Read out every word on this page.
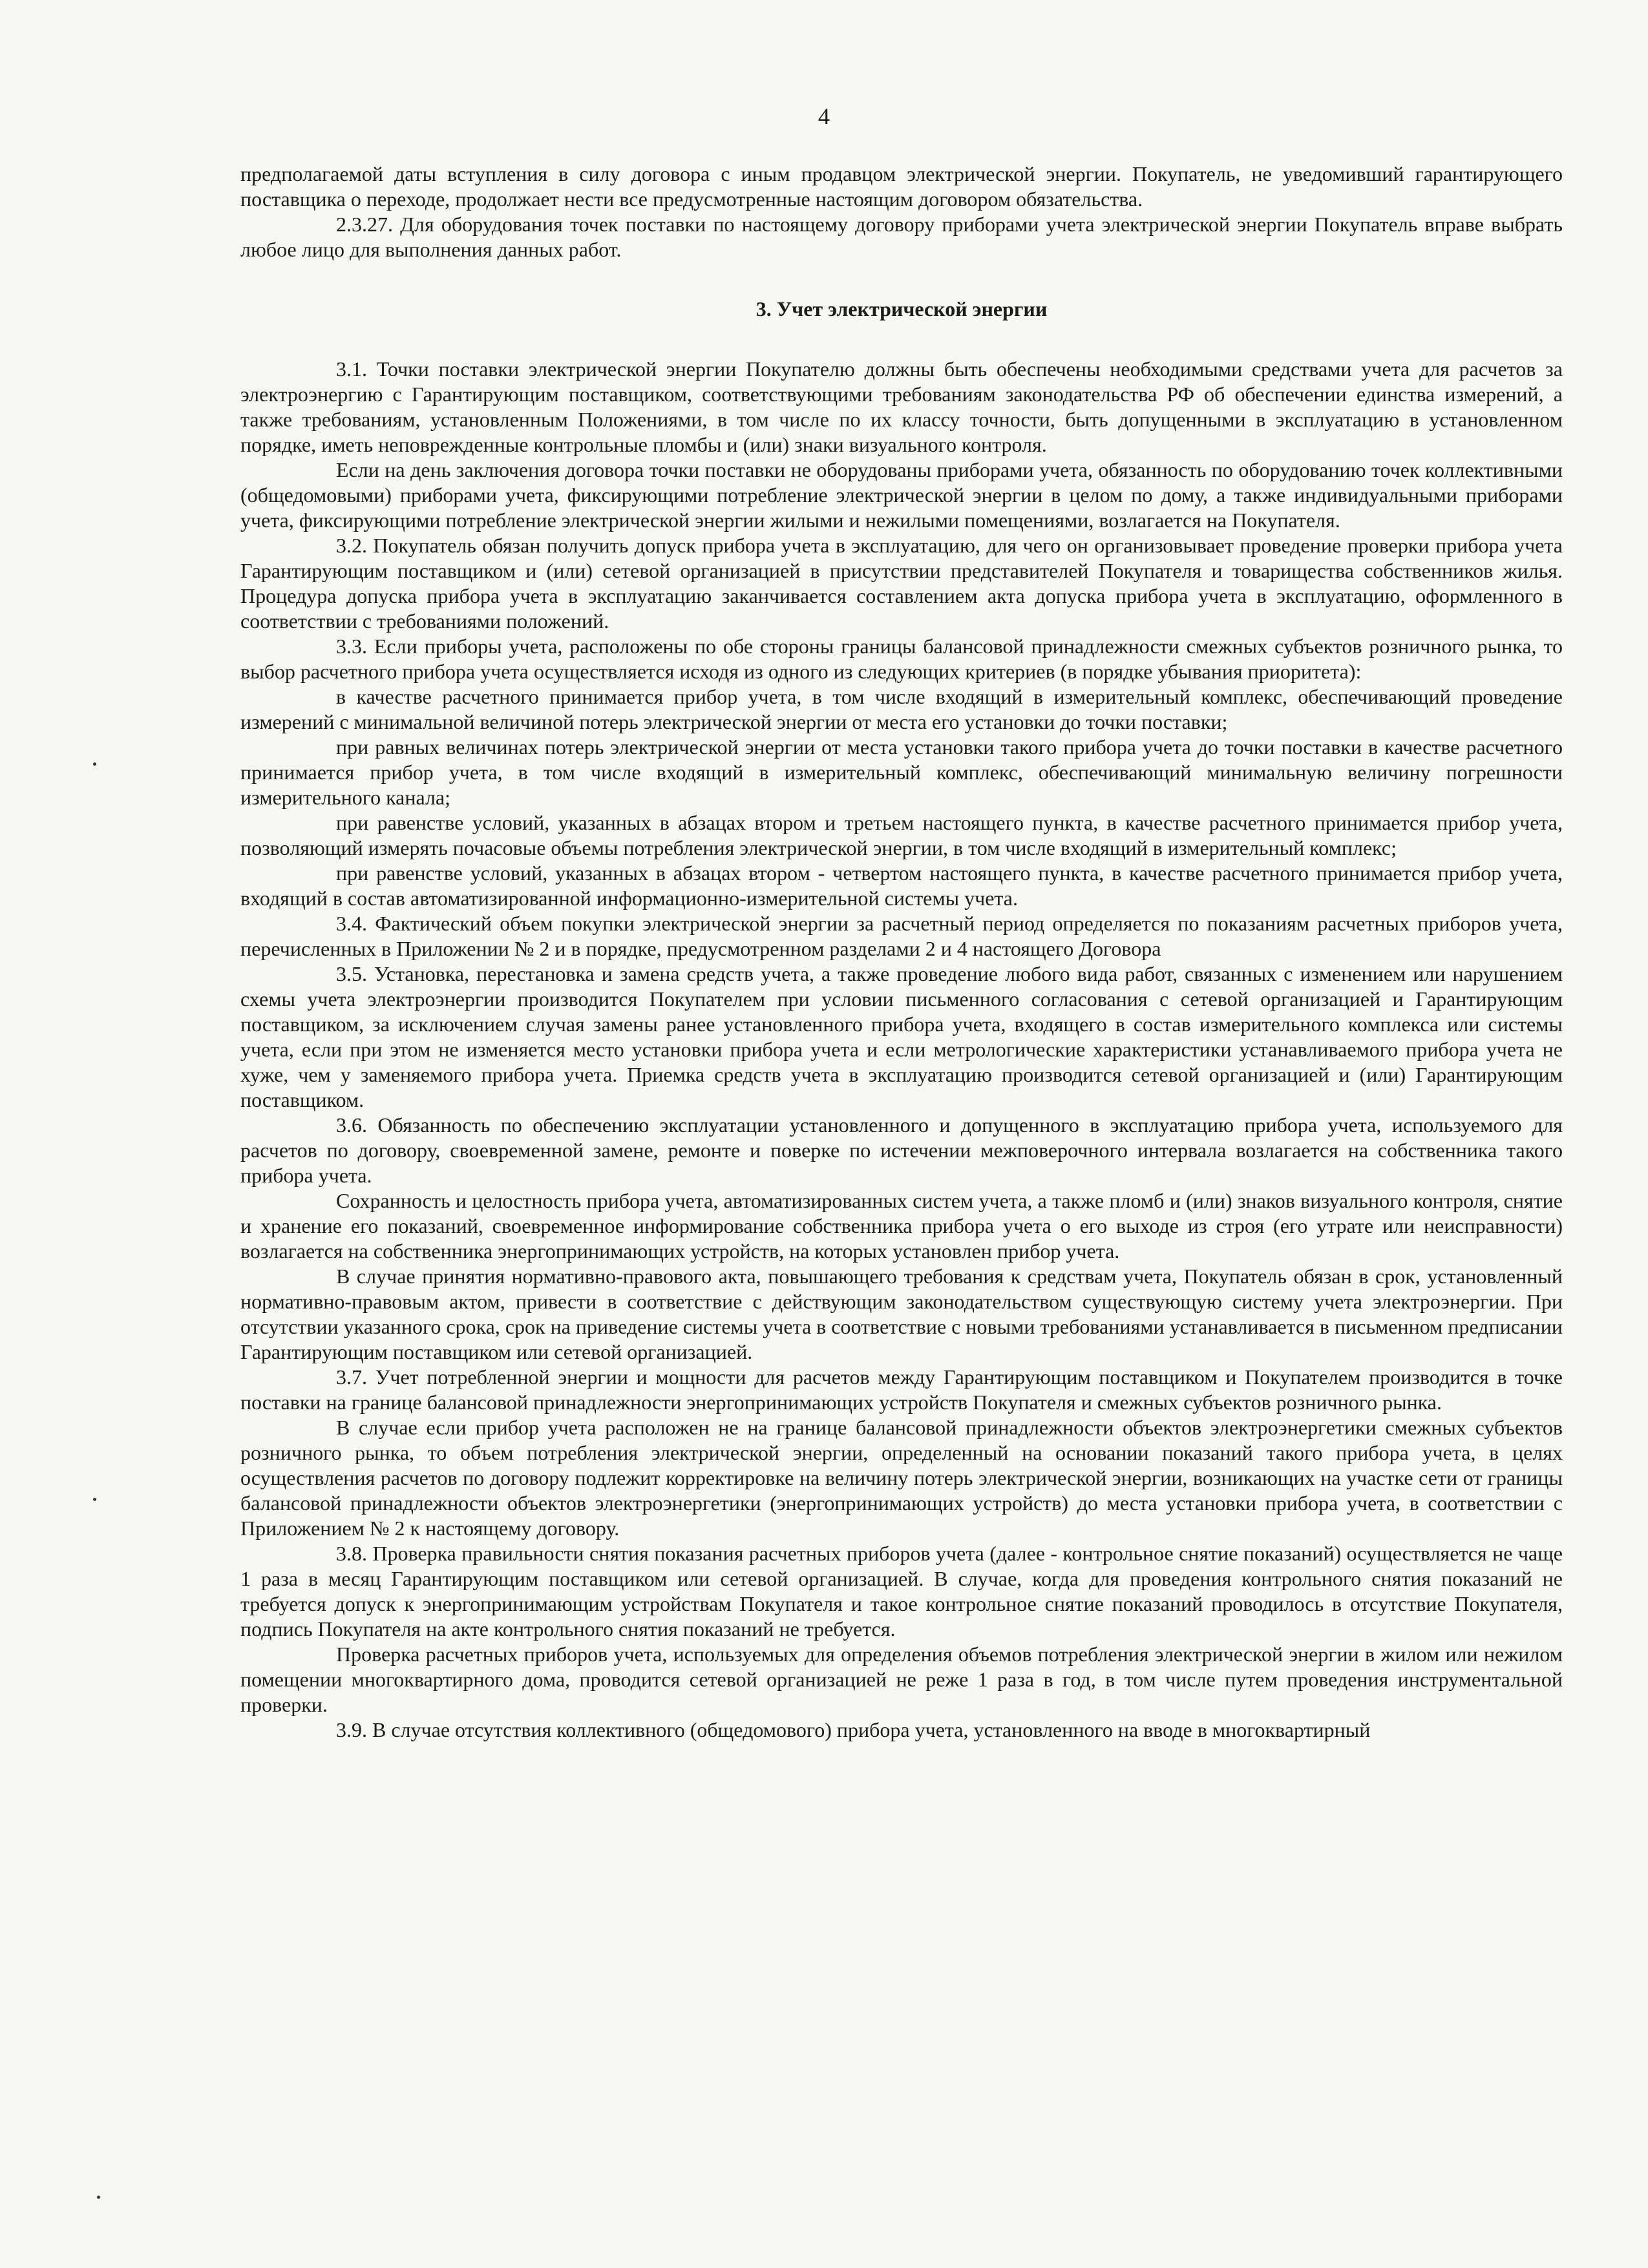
4

предполагаемой даты вступления в силу договора с иным продавцом электрической энергии. Покупатель, не уведомивший гарантирующего поставщика о переходе, продолжает нести все предусмотренные настоящим договором обязательства.

2.3.27. Для оборудования точек поставки по настоящему договору приборами учета электрической энергии Покупатель вправе выбрать любое лицо для выполнения данных работ.

3. Учет электрической энергии

3.1. Точки поставки электрической энергии Покупателю должны быть обеспечены необходимыми средствами учета для расчетов за электроэнергию с Гарантирующим поставщиком, соответствующими требованиям законодательства РФ об обеспечении единства измерений, а также требованиям, установленным Положениями, в том числе по их классу точности, быть допущенными в эксплуатацию в установленном порядке, иметь неповрежденные контрольные пломбы и (или) знаки визуального контроля.

Если на день заключения договора точки поставки не оборудованы приборами учета, обязанность по оборудованию точек коллективными (общедомовыми) приборами учета, фиксирующими потребление электрической энергии в целом по дому, а также индивидуальными приборами учета, фиксирующими потребление электрической энергии жилыми и нежилыми помещениями, возлагается на Покупателя.

3.2. Покупатель обязан получить допуск прибора учета в эксплуатацию, для чего он организовывает проведение проверки прибора учета Гарантирующим поставщиком и (или) сетевой организацией в присутствии представителей Покупателя и товарищества собственников жилья. Процедура допуска прибора учета в эксплуатацию заканчивается составлением акта допуска прибора учета в эксплуатацию, оформленного в соответствии с требованиями положений.

3.3. Если приборы учета, расположены по обе стороны границы балансовой принадлежности смежных субъектов розничного рынка, то выбор расчетного прибора учета осуществляется исходя из одного из следующих критериев (в порядке убывания приоритета):

в качестве расчетного принимается прибор учета, в том числе входящий в измерительный комплекс, обеспечивающий проведение измерений с минимальной величиной потерь электрической энергии от места его установки до точки поставки;

при равных величинах потерь электрической энергии от места установки такого прибора учета до точки поставки в качестве расчетного принимается прибор учета, в том числе входящий в измерительный комплекс, обеспечивающий минимальную величину погрешности измерительного канала;

при равенстве условий, указанных в абзацах втором и третьем настоящего пункта, в качестве расчетного принимается прибор учета, позволяющий измерять почасовые объемы потребления электрической энергии, в том числе входящий в измерительный комплекс;

при равенстве условий, указанных в абзацах втором - четвертом настоящего пункта, в качестве расчетного принимается прибор учета, входящий в состав автоматизированной информационно-измерительной системы учета.

3.4. Фактический объем покупки электрической энергии за расчетный период определяется по показаниям расчетных приборов учета, перечисленных в Приложении № 2 и в порядке, предусмотренном разделами 2 и 4 настоящего Договора

3.5. Установка, перестановка и замена средств учета, а также проведение любого вида работ, связанных с изменением или нарушением схемы учета электроэнергии производится Покупателем при условии письменного согласования с сетевой организацией и Гарантирующим поставщиком, за исключением случая замены ранее установленного прибора учета, входящего в состав измерительного комплекса или системы учета, если при этом не изменяется место установки прибора учета и если метрологические характеристики устанавливаемого прибора учета не хуже, чем у заменяемого прибора учета. Приемка средств учета в эксплуатацию производится сетевой организацией и (или) Гарантирующим поставщиком.

3.6. Обязанность по обеспечению эксплуатации установленного и допущенного в эксплуатацию прибора учета, используемого для расчетов по договору, своевременной замене, ремонте и поверке по истечении межповерочного интервала возлагается на собственника такого прибора учета.

Сохранность и целостность прибора учета, автоматизированных систем учета, а также пломб и (или) знаков визуального контроля, снятие и хранение его показаний, своевременное информирование собственника прибора учета о его выходе из строя (его утрате или неисправности) возлагается на собственника энергопринимающих устройств, на которых установлен прибор учета.

В случае принятия нормативно-правового акта, повышающего требования к средствам учета, Покупатель обязан в срок, установленный нормативно-правовым актом, привести в соответствие с действующим законодательством существующую систему учета электроэнергии. При отсутствии указанного срока, срок на приведение системы учета в соответствие с новыми требованиями устанавливается в письменном предписании Гарантирующим поставщиком или сетевой организацией.

3.7. Учет потребленной энергии и мощности для расчетов между Гарантирующим поставщиком и Покупателем производится в точке поставки на границе балансовой принадлежности энергопринимающих устройств Покупателя и смежных субъектов розничного рынка.

В случае если прибор учета расположен не на границе балансовой принадлежности объектов электроэнергетики смежных субъектов розничного рынка, то объем потребления электрической энергии, определенный на основании показаний такого прибора учета, в целях осуществления расчетов по договору подлежит корректировке на величину потерь электрической энергии, возникающих на участке сети от границы балансовой принадлежности объектов электроэнергетики (энергопринимающих устройств) до места установки прибора учета, в соответствии с Приложением № 2 к настоящему договору.

3.8. Проверка правильности снятия показания расчетных приборов учета (далее - контрольное снятие показаний) осуществляется не чаще 1 раза в месяц Гарантирующим поставщиком или сетевой организацией. В случае, когда для проведения контрольного снятия показаний не требуется допуск к энергопринимающим устройствам Покупателя и такое контрольное снятие показаний проводилось в отсутствие Покупателя, подпись Покупателя на акте контрольного снятия показаний не требуется.

Проверка расчетных приборов учета, используемых для определения объемов потребления электрической энергии в жилом или нежилом помещении многоквартирного дома, проводится сетевой организацией не реже 1 раза в год, в том числе путем проведения инструментальной проверки.

3.9. В случае отсутствия коллективного (общедомового) прибора учета, установленного на вводе в многоквартирный
